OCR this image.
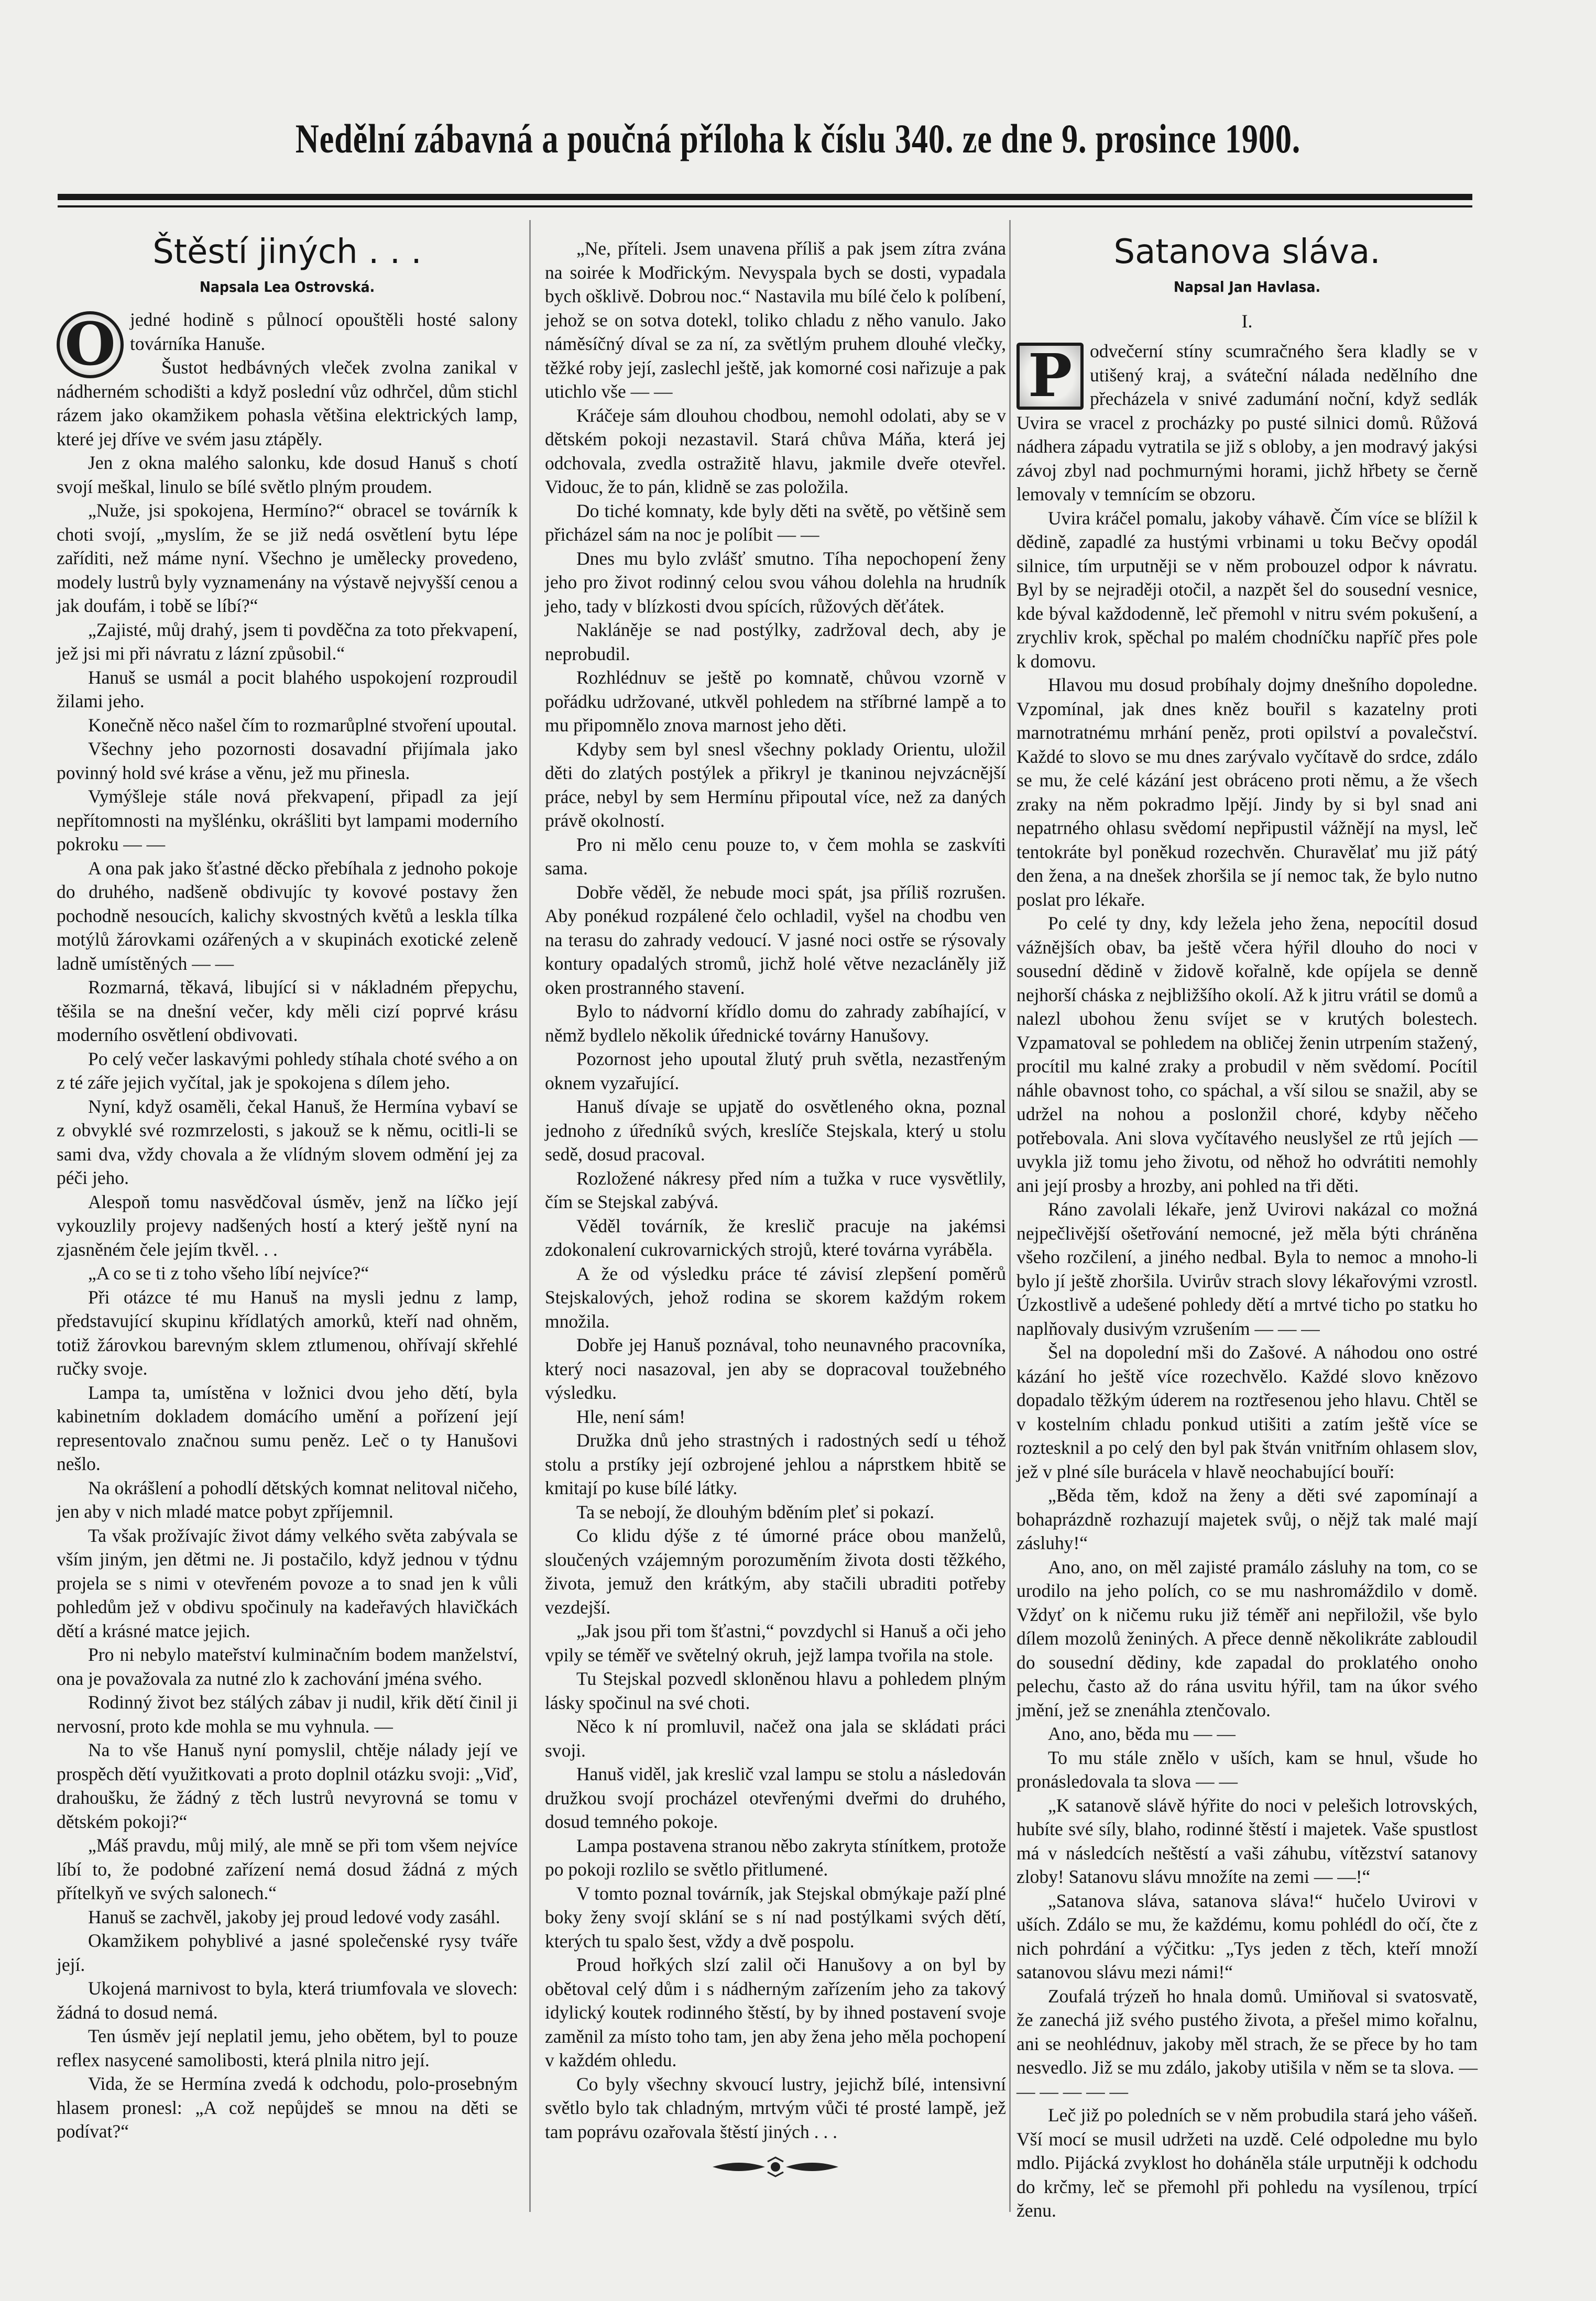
Nedělní zábavná a poučná příloha k číslu 340. ze dne 9. prosince 1900.
Štěstí jiných . . .
Napsala Lea Ostrovská.

O jedné hodině s půlnocí opouštěli hosté salony továrníka Hanuše.

Šustot hedbávných vleček zvolna zanikal v nádherném schodišti a když poslední vůz odhrčel, dům stichl rázem jako okamžikem pohasla většina elektrických lamp, které jej dříve ve svém jasu ztápěly.

Jen z okna malého salonku, kde dosud Hanuš s chotí svojí meškal, linulo se bílé světlo plným proudem.

„Nuže, jsi spokojena, Hermíno?“ obracel se továrník k choti svojí, „myslím, že se již nedá osvětlení bytu lépe zaříditi, než máme nyní. Všechno je umělecky provedeno, modely lustrů byly vyznamenány na výstavě nejvyšší cenou a jak doufám, i tobě se líbí?“

„Zajisté, můj drahý, jsem ti povděčna za toto překvapení, jež jsi mi při návratu z lázní způsobil.“

Hanuš se usmál a pocit blahého uspokojení rozproudil žilami jeho.

Konečně něco našel čím to rozmarůplné stvoření upoutal.

Všechny jeho pozornosti dosavadní přijímala jako povinný hold své krásе a věnu, jež mu přinesla.

Vymýšleje stále nová překvapení, připadl za její nepřítomnosti na myšlénku, okrášliti byt lampami moderního pokroku — —

A ona pak jako šťastné děcko přebíhala z jednoho pokoje do druhého, nadšeně obdivujíc ty kovové postavy žen pochodně nesoucích, kalichy skvostných květů a leskla tílka motýlů žárovkami ozářených a v skupinách exotické zeleně ladně umístěných — —

Rozmarná, těkavá, libující si v nákladném přepychu, těšila se na dnešní večer, kdy měli cizí poprvé krásu moderního osvětlení obdivovati.

Po celý večer laskavými pohledy stíhala choté svého a on z té záře jejich vyčítal, jak je spokojena s dílem jeho.

Nyní, když osaměli, čekal Hanuš, že Hermína vybaví se z obvyklé své rozmrzelosti, s jakouž se k němu, ocitli-li se sami dva, vždy chovala a že vlídným slovem odmění jej za péči jeho.

Alespoň tomu nasvědčoval úsměv, jenž na líčko její vykouzlily projevy nadšených hostí a který ještě nyní na zjasněném čele jejím tkvěl. . .

„A co se ti z toho všeho líbí nejvíce?“

Při otázce té mu Hanuš na mysli jednu z lamp, představující skupinu křídlatých amorků, kteří nad ohněm, totiž žárovkou barevným sklem ztlumenou, ohřívají skřehlé ručky svoje.

Lampa ta, umístěna v ložnici dvou jeho dětí, byla kabinetním dokladem domácího umění a pořízení její representovalo značnou sumu peněz. Leč o ty Hanušovi nešlo.

Na okrášlení a pohodlí dětských komnat nelitoval ničeho, jen aby v nich mladé matce pobyt zpříjemnil.

Ta však prožívajíc život dámy velkého světa zabývala se vším jiným, jen dětmi ne. Ji postačilo, když jednou v týdnu projela se s nimi v otevřeném povoze a to snad jen k vůli pohledům jež v obdivu spočinuly na kadeřavých hlavičkách dětí a krásné matce jejich.

Pro ni nebylo mateřství kulminačním bodem manželství, ona je považovala za nutné zlo k zachování jména svého.

Rodinný život bez stálých zábav ji nudil, křik dětí činil ji nervosní, proto kde mohla se mu vyhnula. —

Na to vše Hanuš nyní pomyslil, chtěje nálady její ve prospěch dětí využitkovati a proto doplnil otázku svoji: „Viď, drahoušku, že žádný z těch lustrů nevyrovná se tomu v dětském pokoji?“

„Máš pravdu, můj milý, ale mně se při tom všem nejvíce líbí to, že podobné zařízení nemá dosud žádná z mých přítelkyň ve svých salonech.“

Hanuš se zachvěl, jakoby jej proud ledové vody zasáhl.

Okamžikem pohyblivé a jasné společenské rysy tváře její.

Ukojená marnivost to byla, která triumfovala ve slovech: žádná to dosud nemá.

Ten úsměv její neplatil jemu, jeho obětem, byl to pouze reflex nasycené samolibosti, která plnila nitro její.

Vida, že se Hermína zvedá k odchodu, polo-prosebným hlasem pronesl: „A což nepůjdeš se mnou na děti se podívat?“

„Ne, příteli. Jsem unavena příliš a pak jsem zítra zvána na soirée k Modřickým. Nevyspala bych se dosti, vypadala bych ošklivě. Dobrou noc.“ Nastavila mu bílé čelo k políbení, jehož se on sotva dotekl, toliko chladu z něho vanulo. Jako náměsíčný díval se za ní, za světlým pruhem dlouhé vlečky, těžké roby její, zaslechl ještě, jak komorné cosi nařizuje a pak utichlo vše — —

Kráčeje sám dlouhou chodbou, nemohl odolati, aby se v dětském pokoji nezastavil. Stará chůva Máňa, která jej odchovala, zvedla ostražitě hlavu, jakmile dveře otevřel. Vidouc, že to pán, klidně se zas položila.

Do tiché komnaty, kde byly děti na světě, po většině sem přicházel sám na noc je políbit — —

Dnes mu bylo zvlášť smutno. Tíha nepochopení ženy jeho pro život rodinný celou svou váhou dolehla na hrudník jeho, tady v blízkosti dvou spících, růžových děťátek.

Nakláněje se nad postýlky, zadržoval dech, aby je neprobudil.

Rozhlédnuv se ještě po komnatě, chůvou vzorně v pořádku udržované, utkvěl pohledem na stříbrné lampě a to mu připomnělo znova marnost jeho děti.

Kdyby sem byl snesl všechny poklady Orientu, uložil děti do zlatých postýlek a přikryl je tkaninou nejvzácnější práce, nebyl by sem Hermínu připoutal více, než za daných právě okolností.

Pro ni mělo cenu pouze to, v čem mohla se zaskvíti sama.

Dobře věděl, že nebude moci spát, jsa příliš rozrušen. Aby ponékud rozpálené čelo ochladil, vyšel na chodbu ven na terasu do zahrady vedoucí. V jasné noci ostře se rýsovaly kontury opadalých stromů, jichž holé větve nezacláněly již oken prostranného stavení.

Bylo to nádvorní křídlo domu do zahrady zabíhající, v němž bydlelo několik úřednické továrny Hanušovy.

Pozornost jeho upoutal žlutý pruh světla, nezastřeným oknem vyzařující.

Hanuš dívaje se upjatě do osvětleného okna, poznal jednoho z úředníků svých, kreslíče Stejskala, který u stolu sedě, dosud pracoval.

Rozložené nákresy před ním a tužka v ruce vysvětlily, čím se Stejskal zabývá.

Věděl továrník, že kreslič pracuje na jakémsi zdokonalení cukrovarnických strojů, které továrna vyráběla.

A že od výsledku práce té závisí zlepšení poměrů Stejskalových, jehož rodina se skorem každým rokem množila.

Dobře jej Hanuš poznával, toho neunavného pracovníka, který noci nasazoval, jen aby se dopracoval toužebného výsledku.

Hle, není sám!

Družka dnů jeho strastných i radostných sedí u téhož stolu a prstíky její ozbrojené jehlou a náprstkem hbitě se kmitají po kuse bílé látky.

Ta se nebojí, že dlouhým bděním pleť si pokazí.

Co klidu dýše z té úmorné práce obou manželů, sloučených vzájemným porozuměním života dosti těžkého, života, jemuž den krátkým, aby stačili ubraditi potřeby vezdejší.

„Jak jsou při tom šťastni,“ povzdychl si Hanuš a oči jeho vpily se téměř ve světelný okruh, jejž lampa tvořila na stole.

Tu Stejskal pozvedl skloněnou hlavu a pohledem plným lásky spočinul na své choti.

Něco k ní promluvil, načež ona jala se skládati práci svoji.

Hanuš viděl, jak kreslič vzal lampu se stolu a následován družkou svojí procházel otevřenými dveřmi do druhého, dosud temného pokoje.

Lampa postavena stranou něbo zakryta stínítkem, protože po pokoji rozlilo se světlo přitlumené.

V tomto poznal továrník, jak Stejskal obmýkaje paží plné boky ženy svojí sklání se s ní nad postýlkami svých dětí, kterých tu spalo šest, vždy a dvě pospolu.

Proud hořkých slzí zalil oči Hanušovy a on byl by obětoval celý dům i s nádherným zařízením jeho za takový idylický koutek rodinného štěstí, by by ihned postavení svoje zaměnil za místo toho tam, jen aby žena jeho měla pochopení v každém ohledu.

Co byly všechny skvoucí lustry, jejichž bílé, intensivní světlo bylo tak chladným, mrtvým vůči té prosté lampě, jež tam poprávu ozařovala štěstí jiných . . .

Satanova sláva.
Napsal Jan Havlasa.
I.

P odvečerní stíny scumračného šera kladly se v utišený kraj, a sváteční nálada nedělního dne přecházela v snivé zadumání noční, když sedlák Uvira se vracel z procházky po pusté silnici domů. Růžová nádhera západu vytratila se již s obloby, a jen modravý jakýsi závoj zbyl nad pochmurnými horami, jichž hřbety se černě lemovaly v temnícím se obzoru.

Uvira kráčel pomalu, jakoby váhavě. Čím více se blížil k dědině, zapadlé za hustými vrbinami u toku Bečvy opodál silnice, tím urputněji se v něm probouzel odpor k návratu. Byl by se nejraději otočil, a nazpět šel do sousední vesnice, kde býval každodenně, leč přemohl v nitru svém pokušení, a zrychliv krok, spěchal po malém chodníčku napříč přes pole k domovu.

Hlavou mu dosud probíhaly dojmy dnešního dopoledne. Vzpomínal, jak dnes kněz bouřil s kazatelny proti marnotratnému mrhání peněz, proti opilství a povalečství. Každé to slovo se mu dnes zarývalo vyčítavě do srdce, zdálo se mu, že celé kázání jest obráceno proti němu, a že všech zraky na něm pokradmo lpějí. Jindy by si byl snad ani nepatrného ohlasu svědomí nepřipustil vážnějí na mysl, leč tentokráte byl poněkud rozechvěn. Churavělať mu již pátý den žena, a na dnešek zhoršila se jí nemoc tak, že bylo nutno poslat pro lékaře.

Po celé ty dny, kdy ležela jeho žena, nepocítil dosud vážnějších obav, ba ještě včera hýřil dlouho do noci v sousední dědině v židově kořalně, kde opíjela se denně nejhorší cháska z nejbližšího okolí. Až k jitru vrátil se domů a nalezl ubohou ženu svíjet se v krutých bolestech. Vzpamatoval se pohledem na obličej ženin utrpením stažený, procítil mu kalné zraky a probudil v něm svědomí. Pocítil náhle obavnost toho, co spáchal, a vší silou se snažil, aby se udržel na nohou a poslonžil choré, kdyby něčeho potřebovala. Ani slova vyčítavého neuslyšel ze rtů jejích — uvykla již tomu jeho životu, od něhož ho odvrátiti nemohly ani její prosby a hrozby, ani pohled na tři děti.

Ráno zavolali lékaře, jenž Uvirovi nakázal co možná nejpečlivější ošetřování nemocné, jež měla býti chráněna všeho rozčilení, a jiného nedbal. Byla to nemoc a mnoho-li bylo jí ještě zhoršila. Uvirův strach slovy lékařovými vzrostl. Úzkostlivě a udešené pohledy dětí a mrtvé ticho po statku ho naplňovaly dusivým vzrušením — — —

Šel na dopolední mši do Zašové. A náhodou ono ostré kázání ho ještě více rozechvělo. Každé slovo knězovo dopadalo těžkým úderem na roztřesenou jeho hlavu. Chtěl se v kostelním chladu ponkud utišiti a zatím ještě více se roztesknil a po celý den byl pak štván vnitřním ohlasem slov, jež v plné síle burácela v hlavě neochabující bouří:

„Běda těm, kdož na ženy a děti své zapomínají a bohaprázdně rozhazují majetek svůj, o nějž tak malé mají zásluhy!“

Ano, ano, on měl zajisté pramálo zásluhy na tom, co se urodilo na jeho polích, co se mu nashromáždilo v domě. Vždyť on k ničemu ruku již téměř ani nepřiložil, vše bylo dílem mozolů ženiných. A přece denně několikráte zabloudil do sousední dědiny, kde zapadal do proklatého onoho pelechu, často až do rána usvitu hýřil, tam na úkor svého jmění, jež se znenáhla ztenčovalo.

Ano, ano, běda mu — —

To mu stále znělo v uších, kam se hnul, všude ho pronásledovala ta slova — —

„K satanově slávě hýřite do noci v pelešich lotrovských, hubíte své síly, blaho, rodinné štěstí i majetek. Vaše spustlost má v následcích neštěstí a vaši záhubu, vítězství satanovy zloby! Satanovu slávu množíte na zemi — —!“

„Satanova sláva, satanova sláva!“ hučelo Uvirovi v uších. Zdálo se mu, že každému, komu pohlédl do očí, čte z nich pohrdání a výčitku: „Tys jeden z těch, kteří množí satanovou slávu mezi námi!“

Zoufalá trýzeň ho hnala domů. Umiňoval si svatosvatě, že zanechá již svého pustého života, a přešel mimo kořalnu, ani se neohlédnuv, jakoby měl strach, že se přece by ho tam nesvedlo. Již se mu zdálo, jakoby utišila v něm se ta slova. — — — — — —

Leč již po poledních se v něm probudila stará jeho vášeň. Vší mocí se musil udržeti na uzdě. Celé odpoledne mu bylo mdlo. Pijácká zvyklost ho doháněla stále urputněji k odchodu do krčmy, leč se přemohl při pohledu na vysílenou, trpící ženu.
